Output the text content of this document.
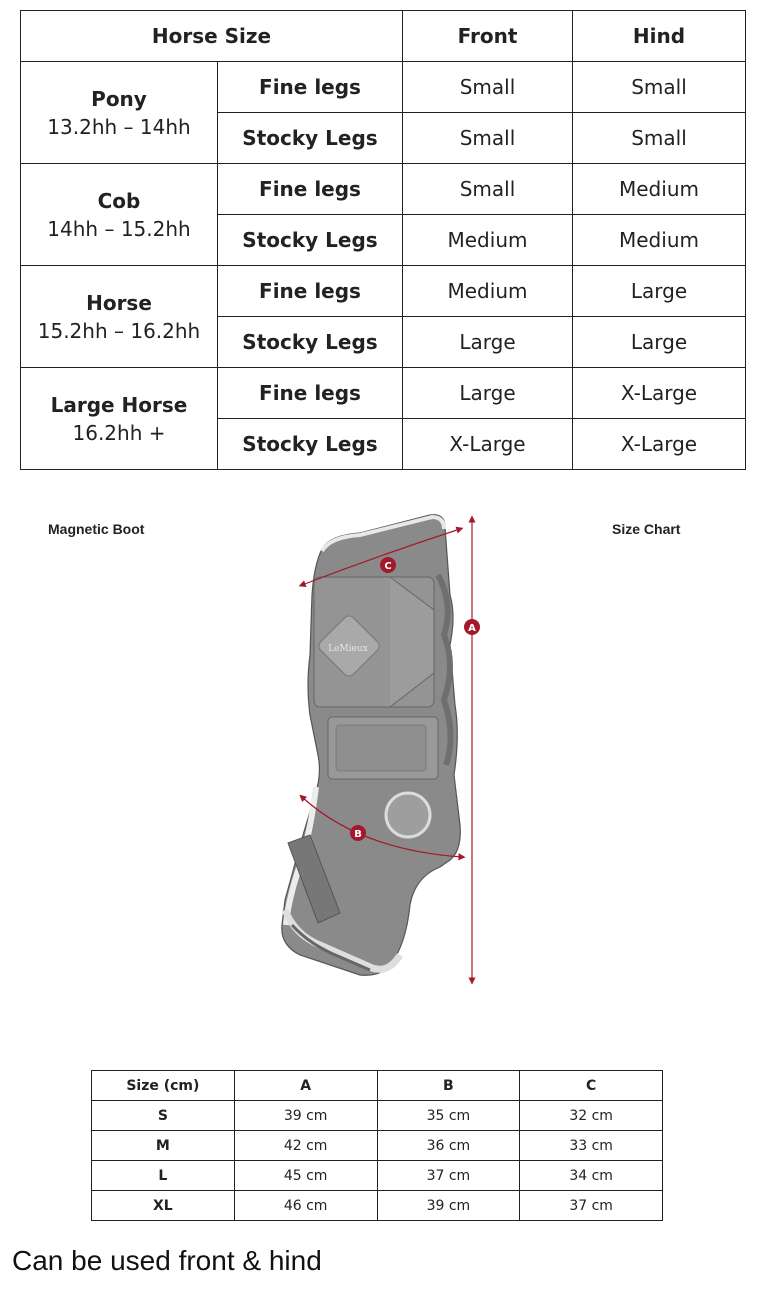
Horse Size		Front	Hind

Pony
13.2hh – 14hh	Fine legs	Small	Small
	Stocky Legs	Small	Small

Cob
14hh – 15.2hh	Fine legs	Small	Medium
	Stocky Legs	Medium	Medium

Horse
15.2hh – 16.2hh	Fine legs	Medium	Large
	Stocky Legs	Large	Large

Large Horse
16.2hh +	Fine legs	Large	X-Large
	Stocky Legs	X-Large	X-Large
Magnetic Boot	Size Chart
LeMieux
A
C
B
Size (cm)	A	B	C
S	39 cm	35 cm	32 cm
M	42 cm	36 cm	33 cm
L	45 cm	37 cm	34 cm
XL	46 cm	39 cm	37 cm
Can be used front & hind
